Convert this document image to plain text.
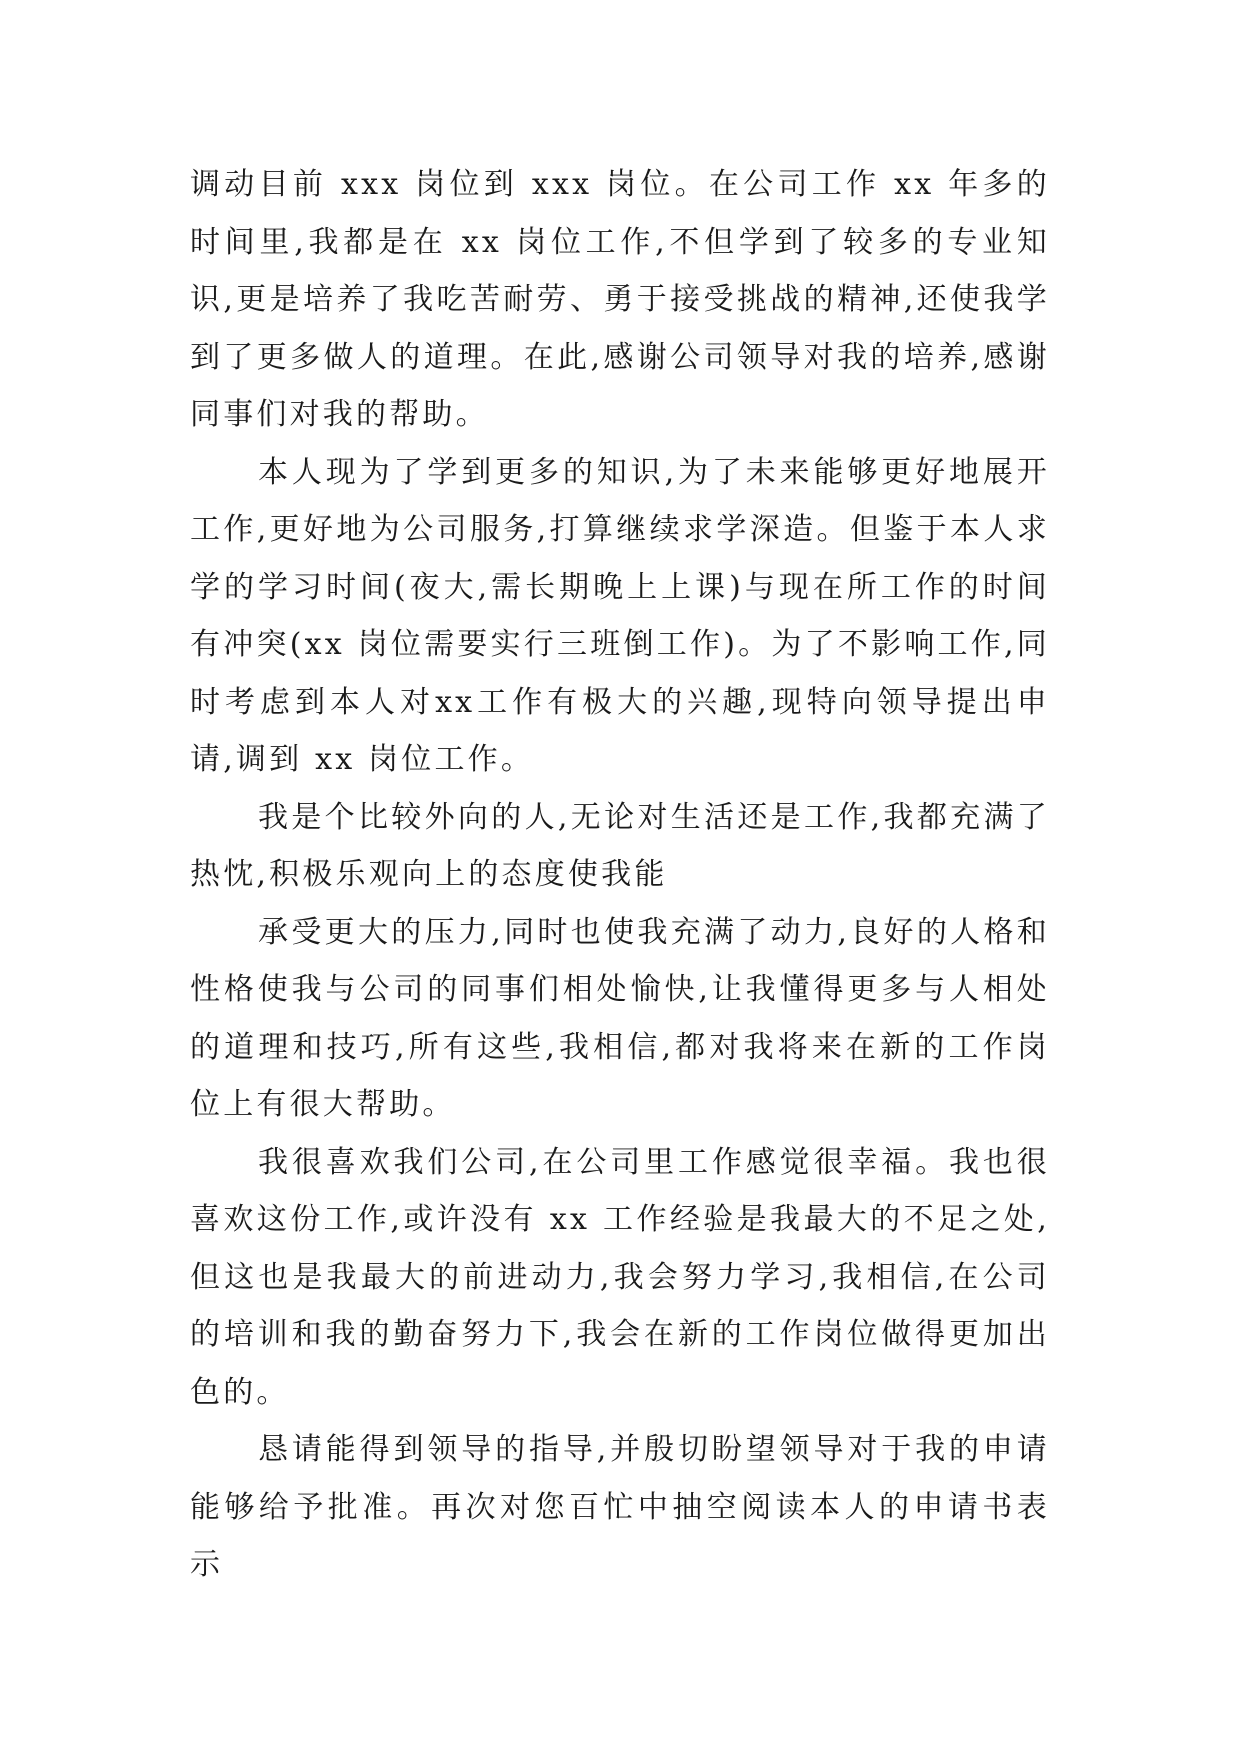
调动目前 xxx 岗位到 xxx 岗位。在公司工作 xx 年多的时间里,我都是在 xx 岗位工作,不但学到了较多的专业知识,更是培养了我吃苦耐劳、勇于接受挑战的精神,还使我学到了更多做人的道理。在此,感谢公司领导对我的培养,感谢同事们对我的帮助。

本人现为了学到更多的知识,为了未来能够更好地展开工作,更好地为公司服务,打算继续求学深造。但鉴于本人求学的学习时间(夜大,需长期晚上上课)与现在所工作的时间有冲突(xx 岗位需要实行三班倒工作)。为了不影响工作,同时考虑到本人对xx工作有极大的兴趣,现特向领导提出申请,调到 xx 岗位工作。

我是个比较外向的人,无论对生活还是工作,我都充满了热忱,积极乐观向上的态度使我能

承受更大的压力,同时也使我充满了动力,良好的人格和性格使我与公司的同事们相处愉快,让我懂得更多与人相处的道理和技巧,所有这些,我相信,都对我将来在新的工作岗位上有很大帮助。

我很喜欢我们公司,在公司里工作感觉很幸福。我也很喜欢这份工作,或许没有 xx 工作经验是我最大的不足之处,但这也是我最大的前进动力,我会努力学习,我相信,在公司的培训和我的勤奋努力下,我会在新的工作岗位做得更加出色的。

恳请能得到领导的指导,并殷切盼望领导对于我的申请能够给予批准。再次对您百忙中抽空阅读本人的申请书表示
